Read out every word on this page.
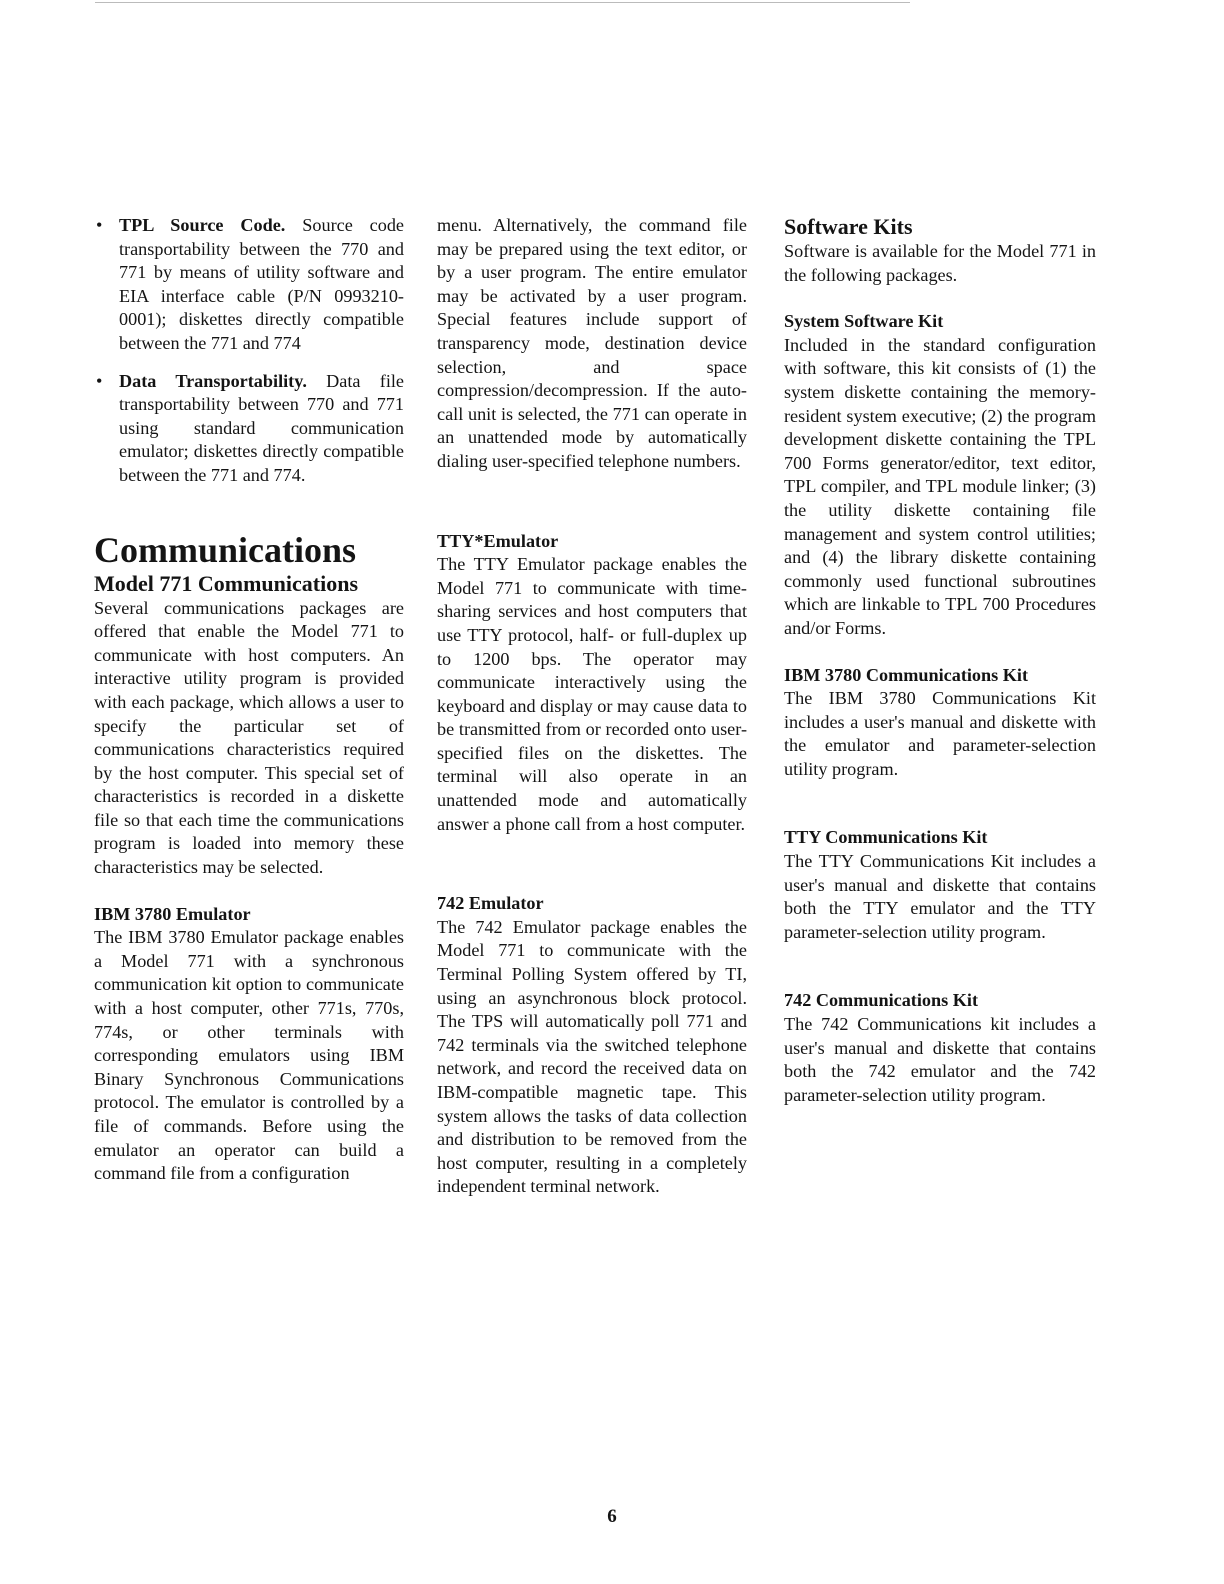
• TPL Source Code. Source code transportability between the 770 and 771 by means of utility software and EIA interface cable (P/N 0993210-0001); diskettes directly compatible between the 771 and 774
• Data Transportability. Data file transportability between 770 and 771 using standard communication emulator; diskettes directly compatible between the 771 and 774.
Communications
Model 771 Communications

Several communications packages are offered that enable the Model 771 to communicate with host computers. An interactive utility program is provided with each package, which allows a user to specify the particular set of communications characteristics required by the host computer. This special set of characteristics is recorded in a diskette file so that each time the communications program is loaded into memory these characteristics may be selected.

IBM 3780 Emulator

The IBM 3780 Emulator package enables a Model 771 with a synchronous communication kit option to communicate with a host computer, other 771s, 770s, 774s, or other terminals with corresponding emulators using IBM Binary Synchronous Communications protocol. The emulator is controlled by a file of commands. Before using the emulator an operator can build a command file from a configuration

menu. Alternatively, the command file may be prepared using the text editor, or by a user program. The entire emulator may be activated by a user program. Special features include support of transparency mode, destination device selection, and space compression/decompression. If the auto-call unit is selected, the 771 can operate in an unattended mode by automatically dialing user-specified telephone numbers.

TTY*Emulator

The TTY Emulator package enables the Model 771 to communicate with time-sharing services and host computers that use TTY protocol, half- or full-duplex up to 1200 bps. The operator may communicate interactively using the keyboard and display or may cause data to be transmitted from or recorded onto user-specified files on the diskettes. The terminal will also operate in an unattended mode and automatically answer a phone call from a host computer.

742 Emulator

The 742 Emulator package enables the Model 771 to communicate with the Terminal Polling System offered by TI, using an asynchronous block protocol. The TPS will automatically poll 771 and 742 terminals via the switched telephone network, and record the received data on IBM-compatible magnetic tape. This system allows the tasks of data collection and distribution to be removed from the host computer, resulting in a completely independent terminal network.

Software Kits

Software is available for the Model 771 in the following packages.

System Software Kit

Included in the standard configuration with software, this kit consists of (1) the system diskette containing the memory-resident system executive; (2) the program development diskette containing the TPL 700 Forms generator/editor, text editor, TPL compiler, and TPL module linker; (3) the utility diskette containing file management and system control utilities; and (4) the library diskette containing commonly used functional subroutines which are linkable to TPL 700 Procedures and/or Forms.

IBM 3780 Communications Kit

The IBM 3780 Communications Kit includes a user's manual and diskette with the emulator and parameter-selection utility program.

TTY Communications Kit

The TTY Communications Kit includes a user's manual and diskette that contains both the TTY emulator and the TTY parameter-selection utility program.

742 Communications Kit

The 742 Communications kit includes a user's manual and diskette that contains both the 742 emulator and the 742 parameter-selection utility program.

6
